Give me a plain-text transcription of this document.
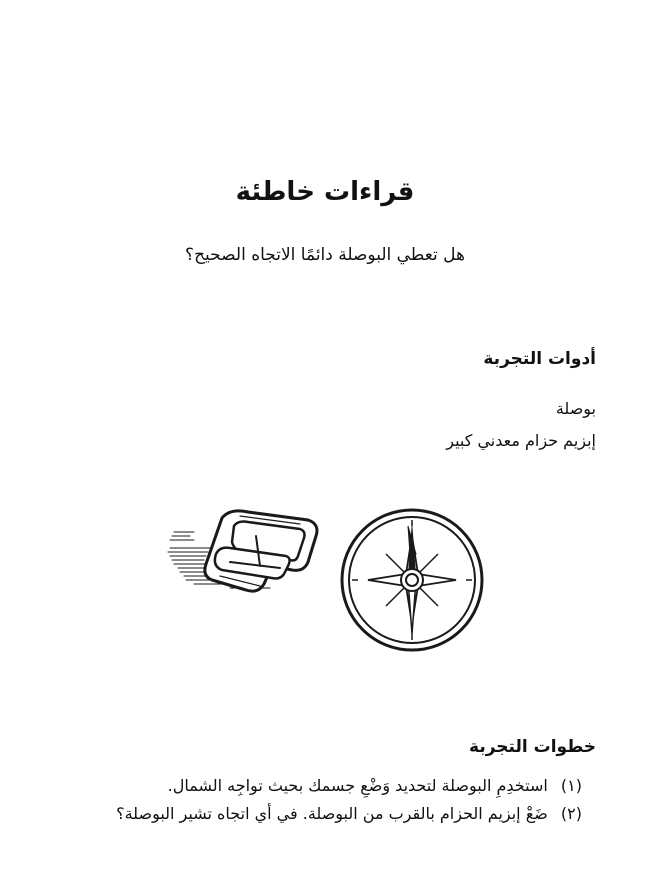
قراءات خاطئة
هل تعطي البوصلة دائمًا الاتجاه الصحيح؟
أدوات التجربة
بوصلة
إبزيم حزام معدني كبير
خطوات التجربة
(١) استخدِمِ البوصلة لتحديد وَضْعِ جسمك بحيث تواجِه الشمال.
(٢) ضَعْ إبزيم الحزام بالقرب من البوصلة. في أي اتجاه تشير البوصلة؟
